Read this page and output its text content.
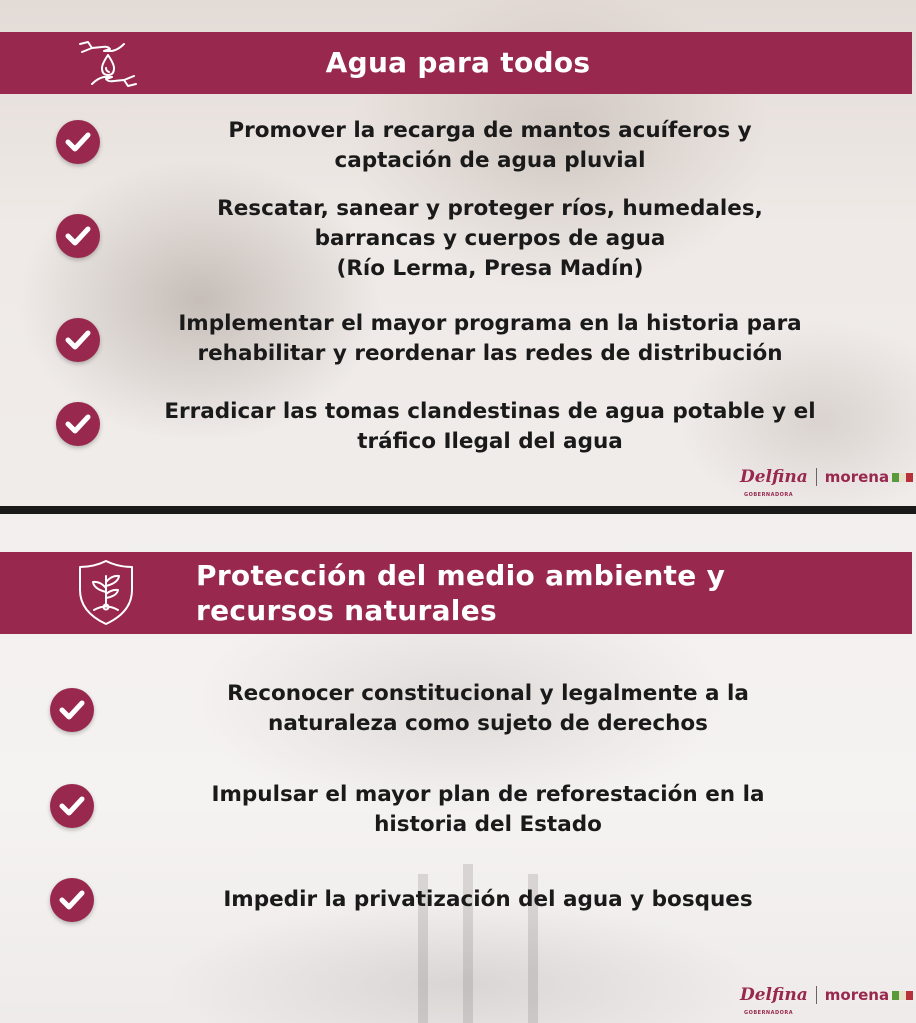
Agua para todos
Promover la recarga de mantos acuíferos y
captación de agua pluvial
Rescatar, sanear y proteger ríos, humedales,
barrancas y cuerpos de agua
(Río Lerma, Presa Madín)
Implementar el mayor programa en la historia para
rehabilitar y reordenar las redes de distribución
Erradicar las tomas clandestinas de agua potable y el
tráfico Ilegal del agua
Delfina
GOBERNADORA
morena
Protección del medio ambiente y
recursos naturales
Reconocer constitucional y legalmente a la
naturaleza como sujeto de derechos
Impulsar el mayor plan de reforestación en la
historia del Estado
Impedir la privatización del agua y bosques
Delfina
GOBERNADORA
morena
